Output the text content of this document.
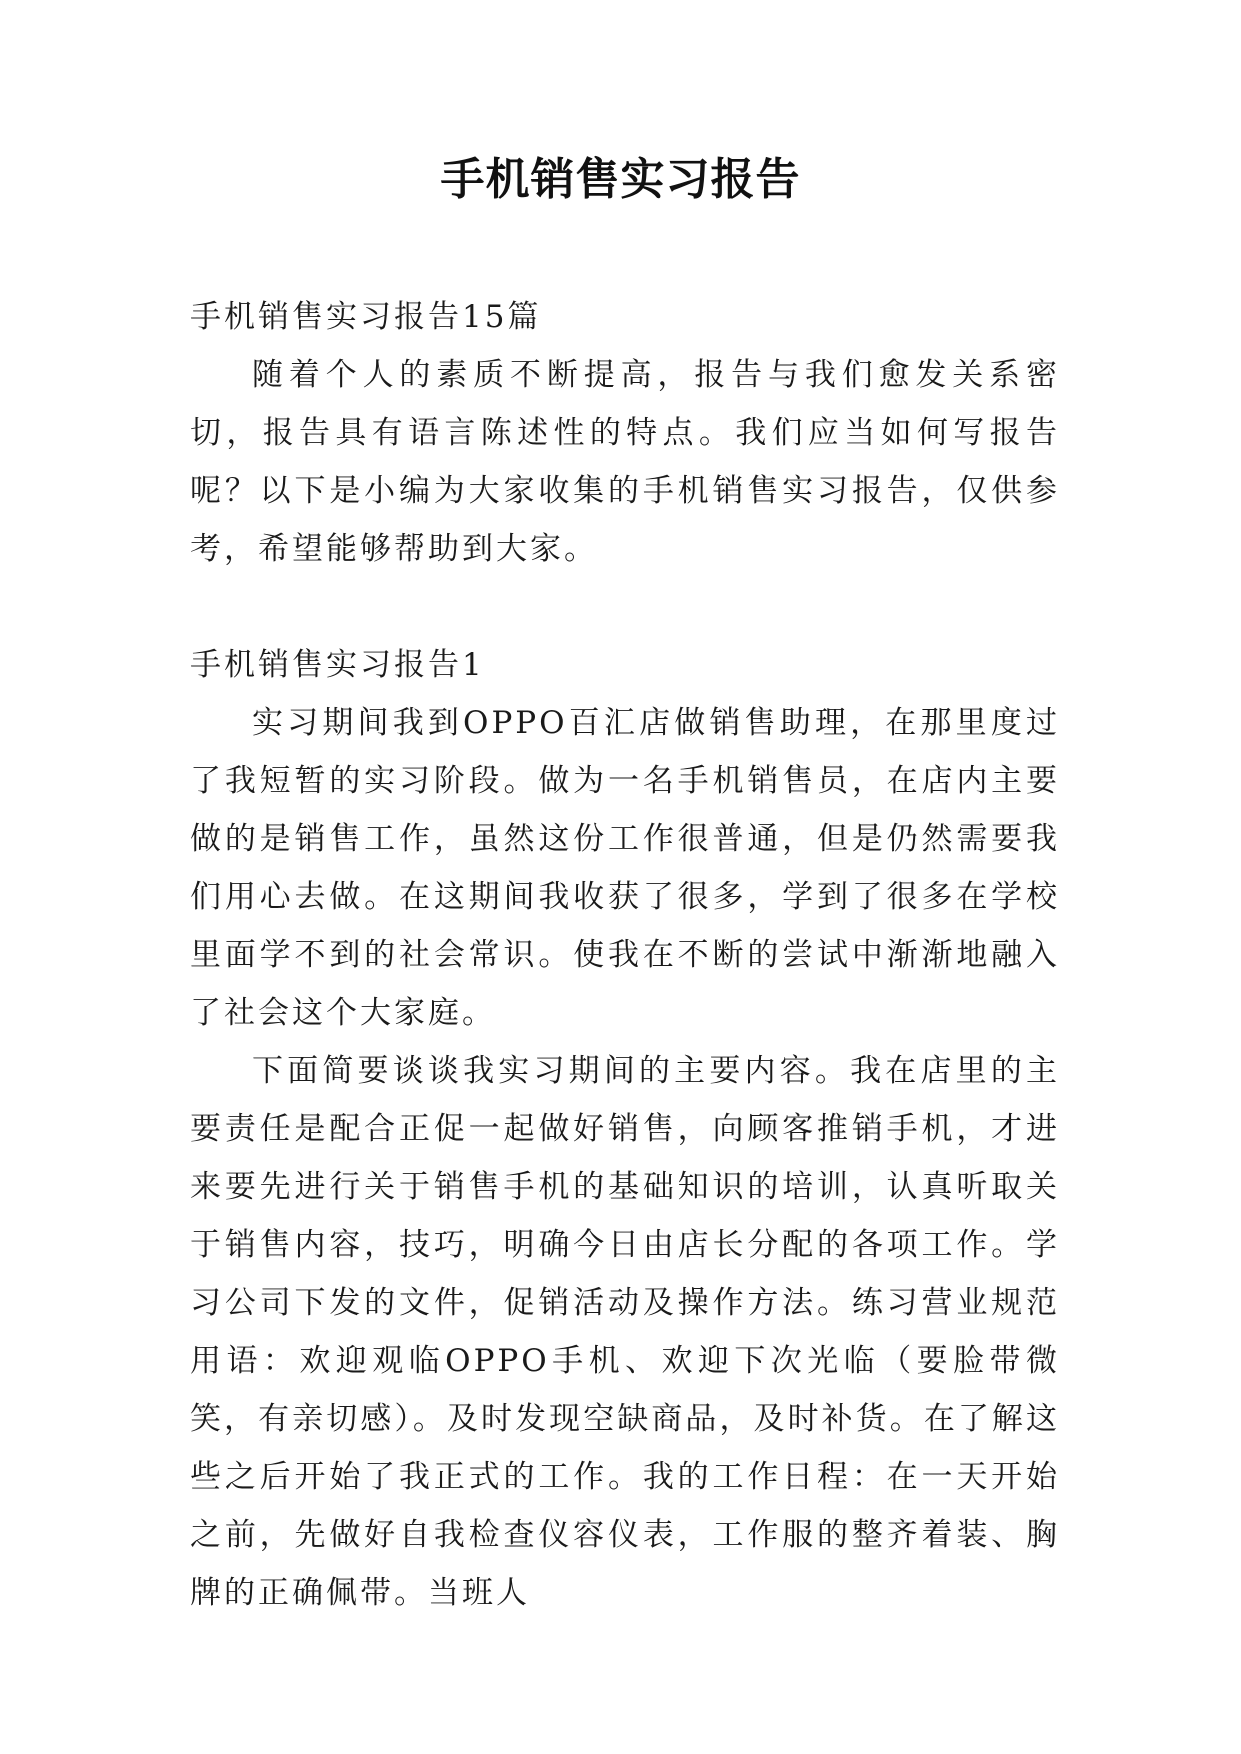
手机销售实习报告

手机销售实习报告15篇

随着个人的素质不断提高，报告与我们愈发关系密切，报告具有语言陈述性的特点。我们应当如何写报告呢？以下是小编为大家收集的手机销售实习报告，仅供参考，希望能够帮助到大家。

手机销售实习报告1

实习期间我到OPPO百汇店做销售助理，在那里度过了我短暂的实习阶段。做为一名手机销售员，在店内主要做的是销售工作，虽然这份工作很普通，但是仍然需要我们用心去做。在这期间我收获了很多，学到了很多在学校里面学不到的社会常识。使我在不断的尝试中渐渐地融入了社会这个大家庭。

下面简要谈谈我实习期间的主要内容。我在店里的主要责任是配合正促一起做好销售，向顾客推销手机，才进来要先进行关于销售手机的基础知识的培训，认真听取关于销售内容，技巧，明确今日由店长分配的各项工作。学习公司下发的文件，促销活动及操作方法。练习营业规范用语：欢迎观临OPPO手机、欢迎下次光临（要脸带微笑，有亲切感）。及时发现空缺商品，及时补货。在了解这些之后开始了我正式的工作。我的工作日程：在一天开始之前，先做好自我检查仪容仪表，工作服的整齐着装、胸牌的正确佩带。当班人
